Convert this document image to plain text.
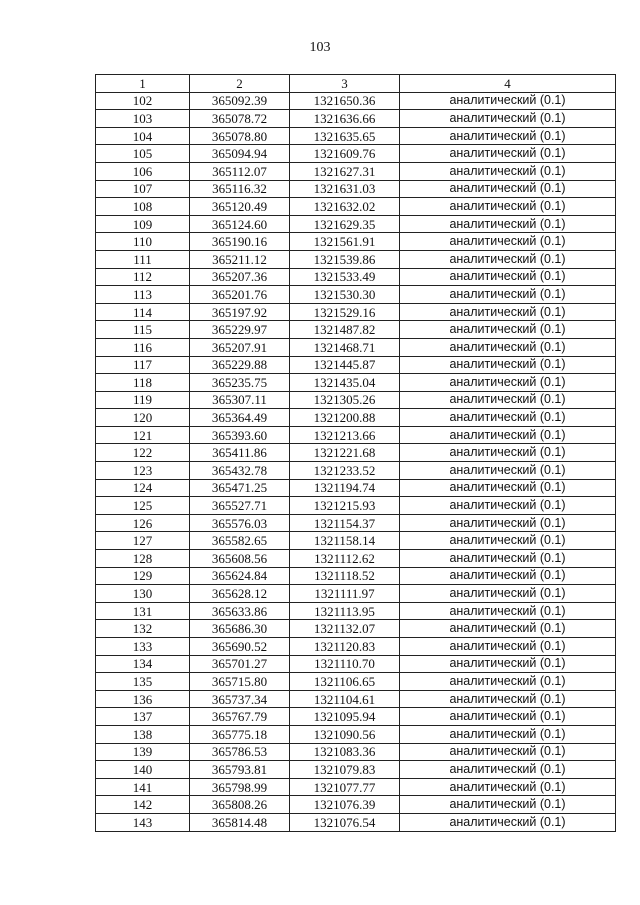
103
1	2	3	4
102	365092.39	1321650.36	аналитический (0.1)
103	365078.72	1321636.66	аналитический (0.1)
104	365078.80	1321635.65	аналитический (0.1)
105	365094.94	1321609.76	аналитический (0.1)
106	365112.07	1321627.31	аналитический (0.1)
107	365116.32	1321631.03	аналитический (0.1)
108	365120.49	1321632.02	аналитический (0.1)
109	365124.60	1321629.35	аналитический (0.1)
110	365190.16	1321561.91	аналитический (0.1)
111	365211.12	1321539.86	аналитический (0.1)
112	365207.36	1321533.49	аналитический (0.1)
113	365201.76	1321530.30	аналитический (0.1)
114	365197.92	1321529.16	аналитический (0.1)
115	365229.97	1321487.82	аналитический (0.1)
116	365207.91	1321468.71	аналитический (0.1)
117	365229.88	1321445.87	аналитический (0.1)
118	365235.75	1321435.04	аналитический (0.1)
119	365307.11	1321305.26	аналитический (0.1)
120	365364.49	1321200.88	аналитический (0.1)
121	365393.60	1321213.66	аналитический (0.1)
122	365411.86	1321221.68	аналитический (0.1)
123	365432.78	1321233.52	аналитический (0.1)
124	365471.25	1321194.74	аналитический (0.1)
125	365527.71	1321215.93	аналитический (0.1)
126	365576.03	1321154.37	аналитический (0.1)
127	365582.65	1321158.14	аналитический (0.1)
128	365608.56	1321112.62	аналитический (0.1)
129	365624.84	1321118.52	аналитический (0.1)
130	365628.12	1321111.97	аналитический (0.1)
131	365633.86	1321113.95	аналитический (0.1)
132	365686.30	1321132.07	аналитический (0.1)
133	365690.52	1321120.83	аналитический (0.1)
134	365701.27	1321110.70	аналитический (0.1)
135	365715.80	1321106.65	аналитический (0.1)
136	365737.34	1321104.61	аналитический (0.1)
137	365767.79	1321095.94	аналитический (0.1)
138	365775.18	1321090.56	аналитический (0.1)
139	365786.53	1321083.36	аналитический (0.1)
140	365793.81	1321079.83	аналитический (0.1)
141	365798.99	1321077.77	аналитический (0.1)
142	365808.26	1321076.39	аналитический (0.1)
143	365814.48	1321076.54	аналитический (0.1)
